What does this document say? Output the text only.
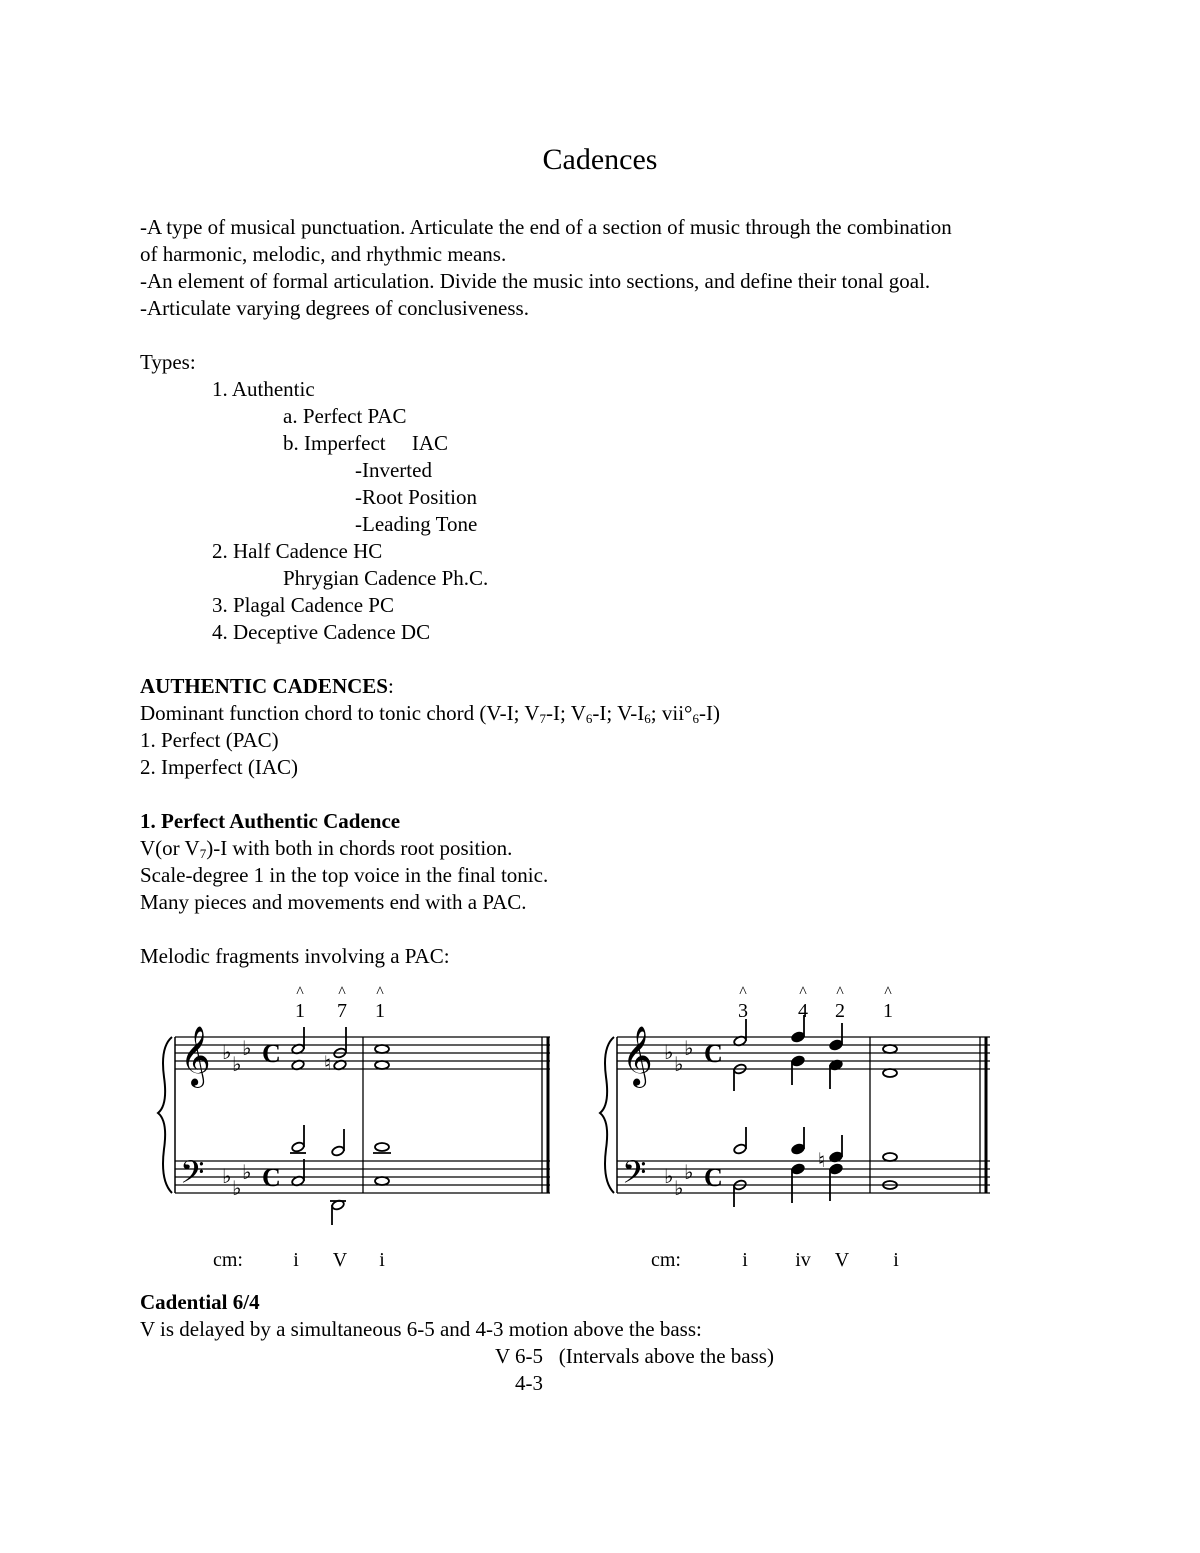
Cadences
-A type of musical punctuation. Articulate the end of a section of music through the combination
of harmonic, melodic, and rhythmic means.
-An element of formal articulation. Divide the music into sections, and define their tonal goal.
-Articulate varying degrees of conclusiveness.
Types:
1. Authentic
a. Perfect PAC
b. Imperfect     IAC
-Inverted
-Root Position
-Leading Tone
2. Half Cadence HC
Phrygian Cadence Ph.C.
3. Plagal Cadence PC
4. Deceptive Cadence DC
AUTHENTIC CADENCES:
Dominant function chord to tonic chord (V-I; $V_7-I$; $V_6-I$; $V-I_6$; $vii^\circ_6-I$)
1. Perfect (PAC)
2. Imperfect (IAC)
1. Perfect Authentic Cadence
V(or $V_7)-I$ with both in chords root position.
Scale-degree 1 in the top voice in the final tonic.
Many pieces and movements end with a PAC.
Melodic fragments involving a PAC:
^ ^ ^
1 7 1
𝄞
𝄢
♭
♭
♭
♭
♭
♭
C
C
♮
cm:	i V i
^	^ ^	^
3	4 2 1
𝄞
𝄢
♭
♭
♭
♭
♭
♭
C
C
♮
cm:	i iv V i
Cadential 6/4
V is delayed by a simultaneous 6-5 and 4-3 motion above the bass:
V 6-5   (Intervals above the bass)
4-3
